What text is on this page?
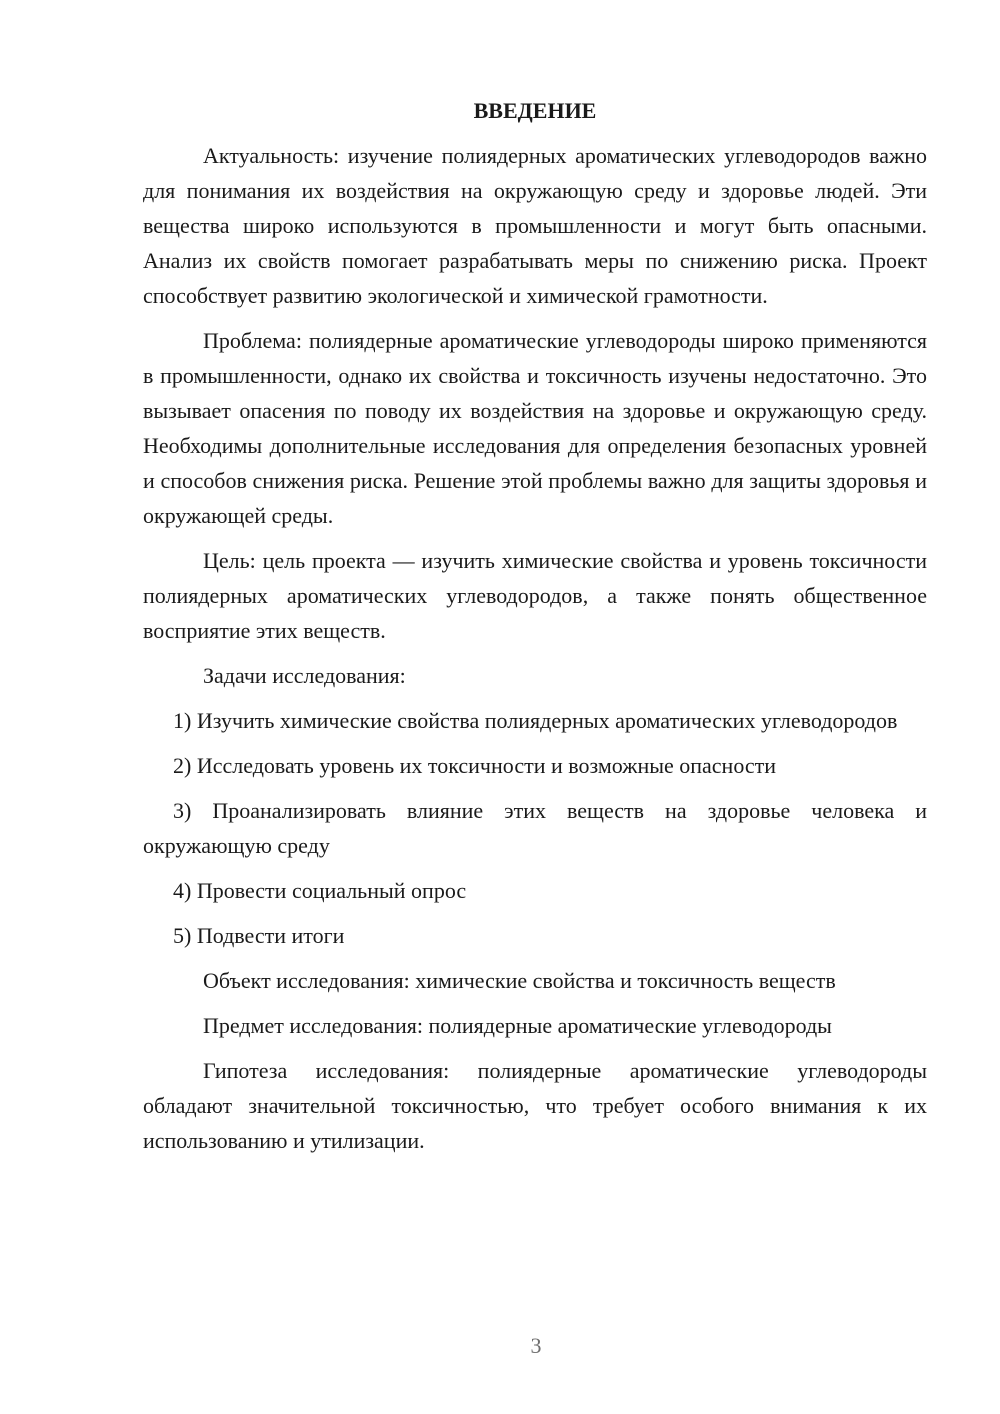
ВВЕДЕНИЕ

Актуальность: изучение полиядерных ароматических углеводородов важно для понимания их воздействия на окружающую среду и здоровье людей. Эти вещества широко используются в промышленности и могут быть опасными. Анализ их свойств помогает разрабатывать меры по снижению риска. Проект способствует развитию экологической и химической грамотности.

Проблема: полиядерные ароматические углеводороды широко применяются в промышленности, однако их свойства и токсичность изучены недостаточно. Это вызывает опасения по поводу их воздействия на здоровье и окружающую среду. Необходимы дополнительные исследования для определения безопасных уровней и способов снижения риска. Решение этой проблемы важно для защиты здоровья и окружающей среды.

Цель: цель проекта — изучить химические свойства и уровень токсичности полиядерных ароматических углеводородов, а также понять общественное восприятие этих веществ.

Задачи исследования:

1) Изучить химические свойства полиядерных ароматических углеводородов

2) Исследовать уровень их токсичности и возможные опасности

3) Проанализировать влияние этих веществ на здоровье человека и окружающую среду

4) Провести социальный опрос

5) Подвести итоги

Объект исследования: химические свойства и токсичность веществ

Предмет исследования: полиядерные ароматические углеводороды

Гипотеза исследования: полиядерные ароматические углеводороды обладают значительной токсичностью, что требует особого внимания к их использованию и утилизации.

3
